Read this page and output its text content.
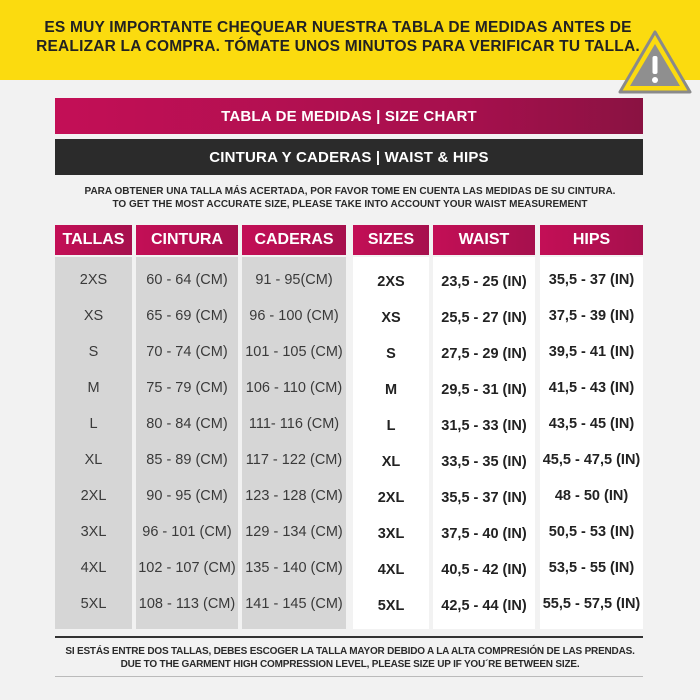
ES MUY IMPORTANTE CHEQUEAR NUESTRA TABLA DE MEDIDAS ANTES DE
REALIZAR LA COMPRA. TÓMATE UNOS MINUTOS PARA VERIFICAR TU TALLA.
TABLA DE MEDIDAS | SIZE CHART
CINTURA Y CADERAS | WAIST & HIPS
PARA OBTENER UNA TALLA MÁS ACERTADA, POR FAVOR TOME EN CUENTA LAS MEDIDAS DE SU CINTURA.
TO GET THE MOST ACCURATE SIZE, PLEASE TAKE INTO ACCOUNT YOUR WAIST MEASUREMENT
TALLAS
2XS
XS
S
M
L
XL
2XL
3XL
4XL
5XL
CINTURA
60 - 64 (CM)
65 - 69 (CM)
70 - 74 (CM)
75 - 79 (CM)
80 - 84 (CM)
85 - 89 (CM)
90 - 95 (CM)
96 - 101 (CM)
102 - 107 (CM)
108 - 113 (CM)
CADERAS
91 - 95(CM)
96 - 100 (CM)
101 - 105 (CM)
106 - 110 (CM)
111- 116 (CM)
117 - 122 (CM)
123 - 128 (CM)
129 - 134 (CM)
135 - 140 (CM)
141 - 145 (CM)
SIZES
2XS
XS
S
M
L
XL
2XL
3XL
4XL
5XL
WAIST
23,5 - 25 (IN)
25,5 - 27 (IN)
27,5 - 29 (IN)
29,5 - 31 (IN)
31,5 - 33 (IN)
33,5 - 35 (IN)
35,5 - 37 (IN)
37,5 - 40 (IN)
40,5 - 42 (IN)
42,5 - 44 (IN)
HIPS
35,5 - 37 (IN)
37,5 - 39 (IN)
39,5 - 41 (IN)
41,5 - 43 (IN)
43,5 - 45 (IN)
45,5 - 47,5 (IN)
48 - 50 (IN)
50,5 - 53 (IN)
53,5 - 55 (IN)
55,5 - 57,5 (IN)
SI ESTÁS ENTRE DOS TALLAS, DEBES ESCOGER LA TALLA MAYOR DEBIDO A LA ALTA COMPRESIÓN DE LAS PRENDAS.
DUE TO THE GARMENT HIGH COMPRESSION LEVEL, PLEASE SIZE UP IF YOU´RE BETWEEN SIZE.
